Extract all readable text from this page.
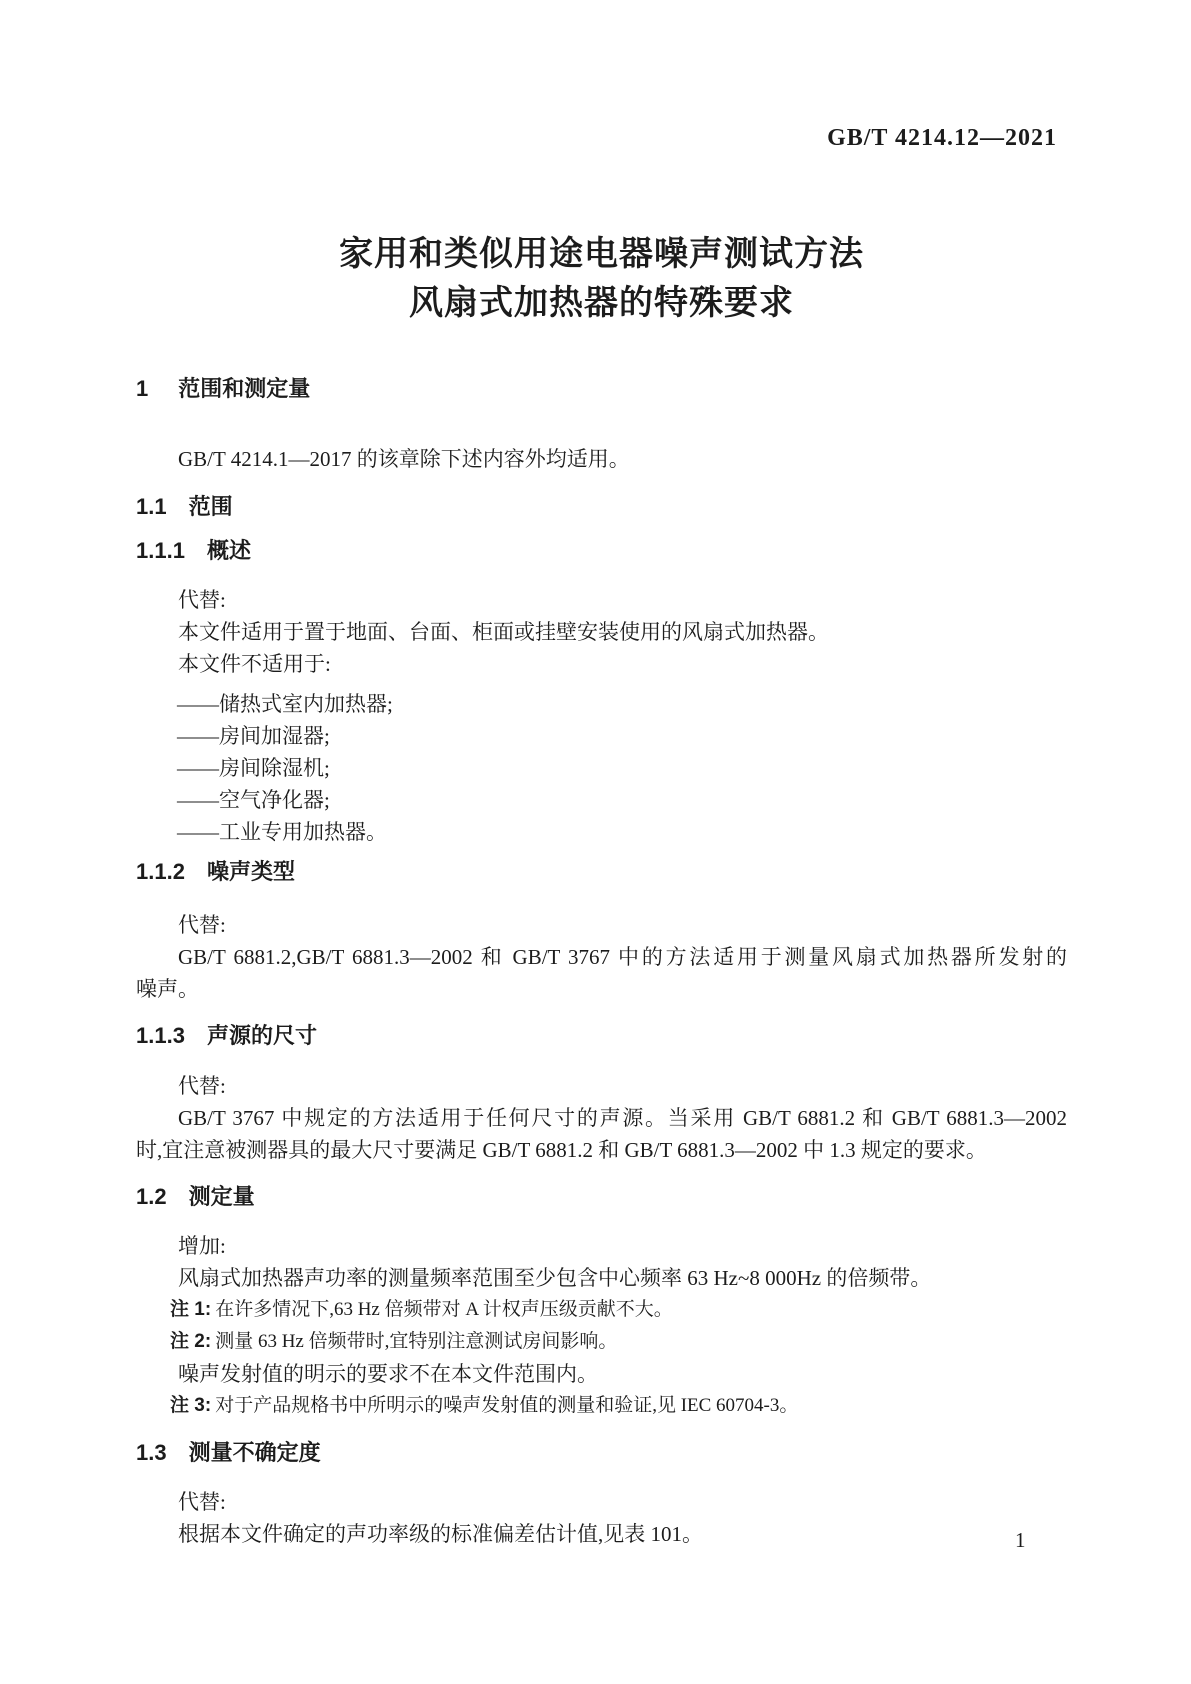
GB/T 4214.12—2021
家用和类似用途电器噪声测试方法
风扇式加热器的特殊要求
1 范围和测定量
GB/T 4214.1—2017 的该章除下述内容外均适用。
1.1 范围
1.1.1 概述
代替:
本文件适用于置于地面、台面、柜面或挂壁安装使用的风扇式加热器。
本文件不适用于:
——储热式室内加热器;
——房间加湿器;
——房间除湿机;
——空气净化器;
——工业专用加热器。
1.1.2 噪声类型
代替:
GB/T 6881.2,GB/T 6881.3—2002 和 GB/T 3767 中的方法适用于测量风扇式加热器所发射的
噪声。
1.1.3 声源的尺寸
代替:
GB/T 3767 中规定的方法适用于任何尺寸的声源。当采用 GB/T 6881.2 和 GB/T 6881.3—2002
时,宜注意被测器具的最大尺寸要满足 GB/T 6881.2 和 GB/T 6881.3—2002 中 1.3 规定的要求。
1.2 测定量
增加:
风扇式加热器声功率的测量频率范围至少包含中心频率 63 Hz~8 000Hz 的倍频带。
注 1: 在许多情况下,63 Hz 倍频带对 A 计权声压级贡献不大。
注 2: 测量 63 Hz 倍频带时,宜特别注意测试房间影响。
噪声发射值的明示的要求不在本文件范围内。
注 3: 对于产品规格书中所明示的噪声发射值的测量和验证,见 IEC 60704-3。
1.3 测量不确定度
代替:
根据本文件确定的声功率级的标准偏差估计值,见表 101。	1
